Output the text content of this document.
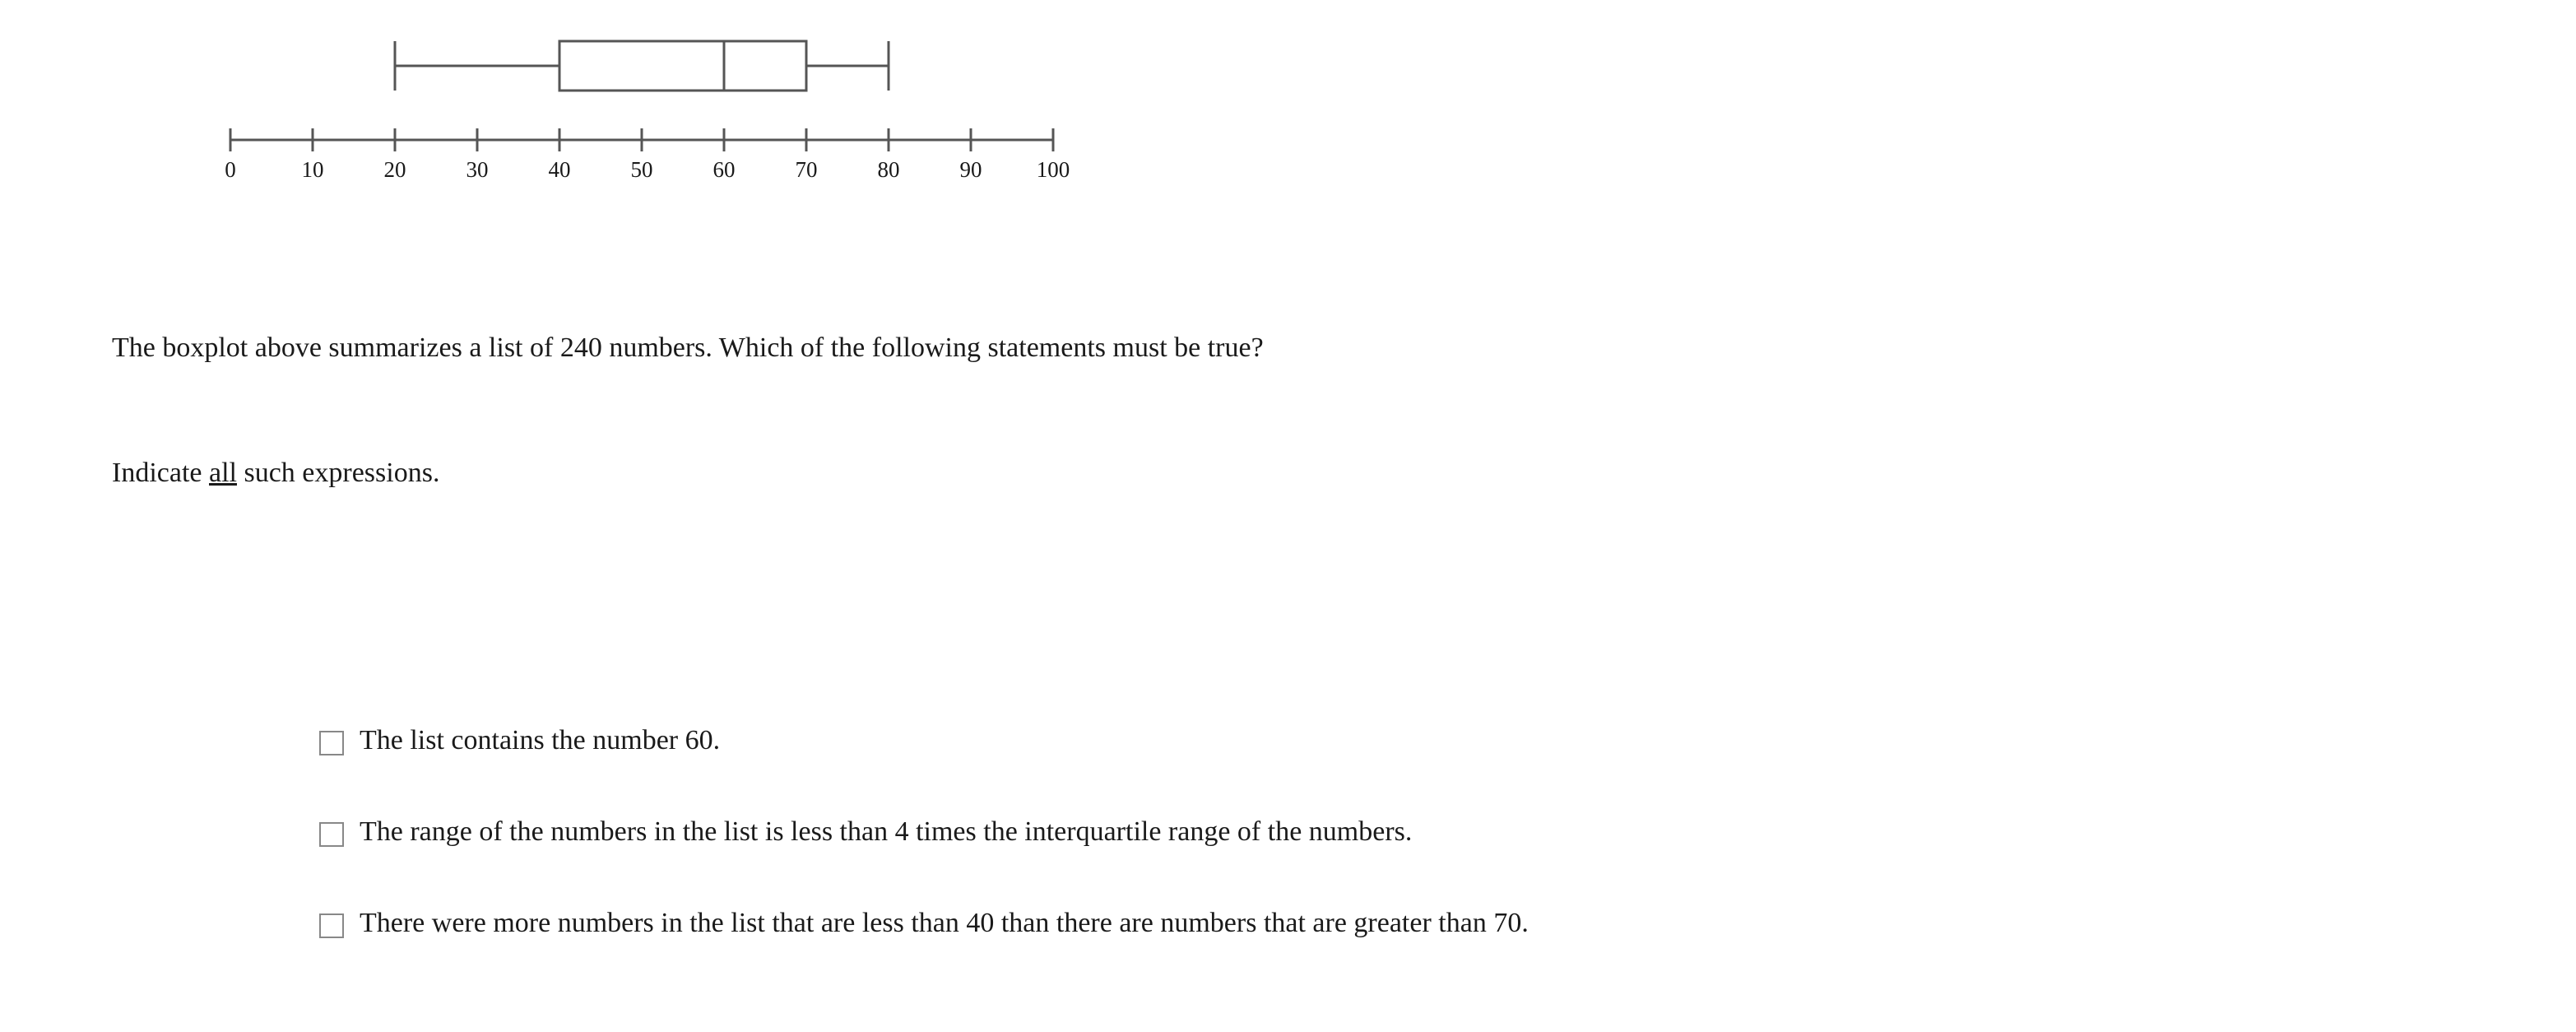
0	10	20	30	40	50	60	70	80	90 100
The boxplot above summarizes a list of 240 numbers. Which of the following statements must be true?
Indicate all such expressions.
The list contains the number 60.
The range of the numbers in the list is less than 4 times the interquartile range of the numbers.
There were more numbers in the list that are less than 40 than there are numbers that are greater than 70.
